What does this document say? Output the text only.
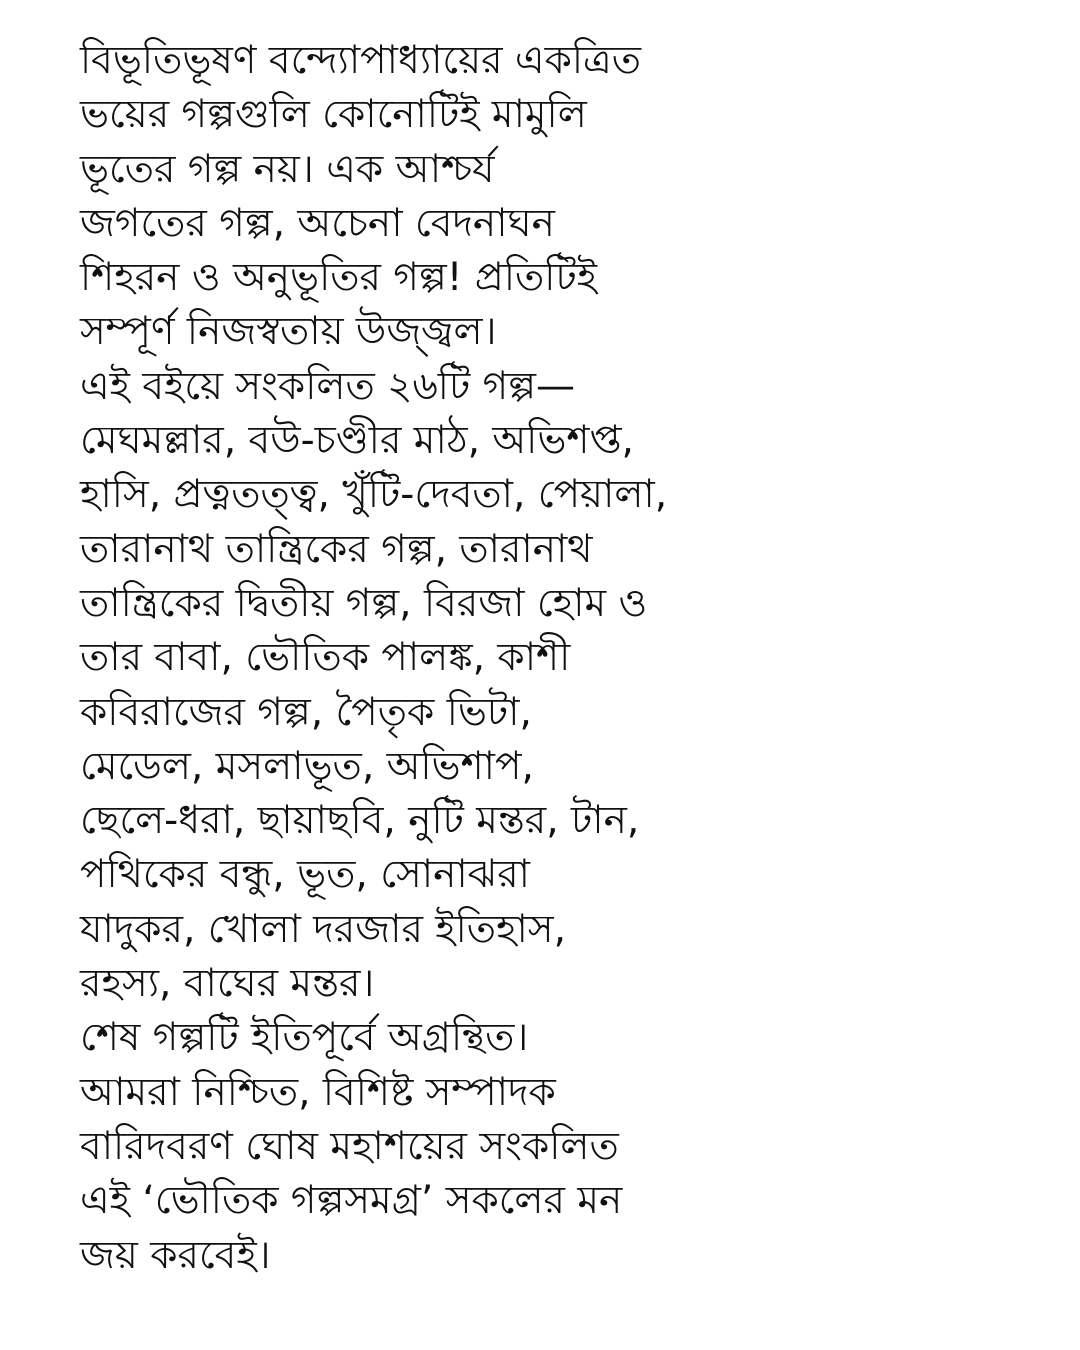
বিভূতিভূষণ বন্দ্যোপাধ্যায়ের একত্রিত
ভয়ের গল্পগুলি কোনোটিই মামুলি
ভূতের গল্প নয়। এক আশ্চর্য
জগতের গল্প, অচেনা বেদনাঘন
শিহরন ও অনুভূতির গল্প! প্রতিটিই
সম্পূর্ণ নিজস্বতায় উজ্জ্বল।
এই বইয়ে সংকলিত ২৬টি গল্প—
মেঘমল্লার, বউ-চণ্ডীর মাঠ, অভিশপ্ত,
হাসি, প্রত্নতত্ত্ব, খুঁটি-দেবতা, পেয়ালা,
তারানাথ তান্ত্রিকের গল্প, তারানাথ
তান্ত্রিকের দ্বিতীয় গল্প, বিরজা হোম ও
তার বাবা, ভৌতিক পালঙ্ক, কাশী
কবিরাজের গল্প, পৈতৃক ভিটা,
মেডেল, মসলাভূত, অভিশাপ,
ছেলে-ধরা, ছায়াছবি, নুটি মন্তর, টান,
পথিকের বন্ধু, ভূত, সোনাঝরা
যাদুকর, খোলা দরজার ইতিহাস,
রহস্য, বাঘের মন্তর।
শেষ গল্পটি ইতিপূর্বে অগ্রন্থিত।
আমরা নিশ্চিত, বিশিষ্ট সম্পাদক
বারিদবরণ ঘোষ মহাশয়ের সংকলিত
এই ‘ভৌতিক গল্পসমগ্র’ সকলের মন
জয় করবেই।
